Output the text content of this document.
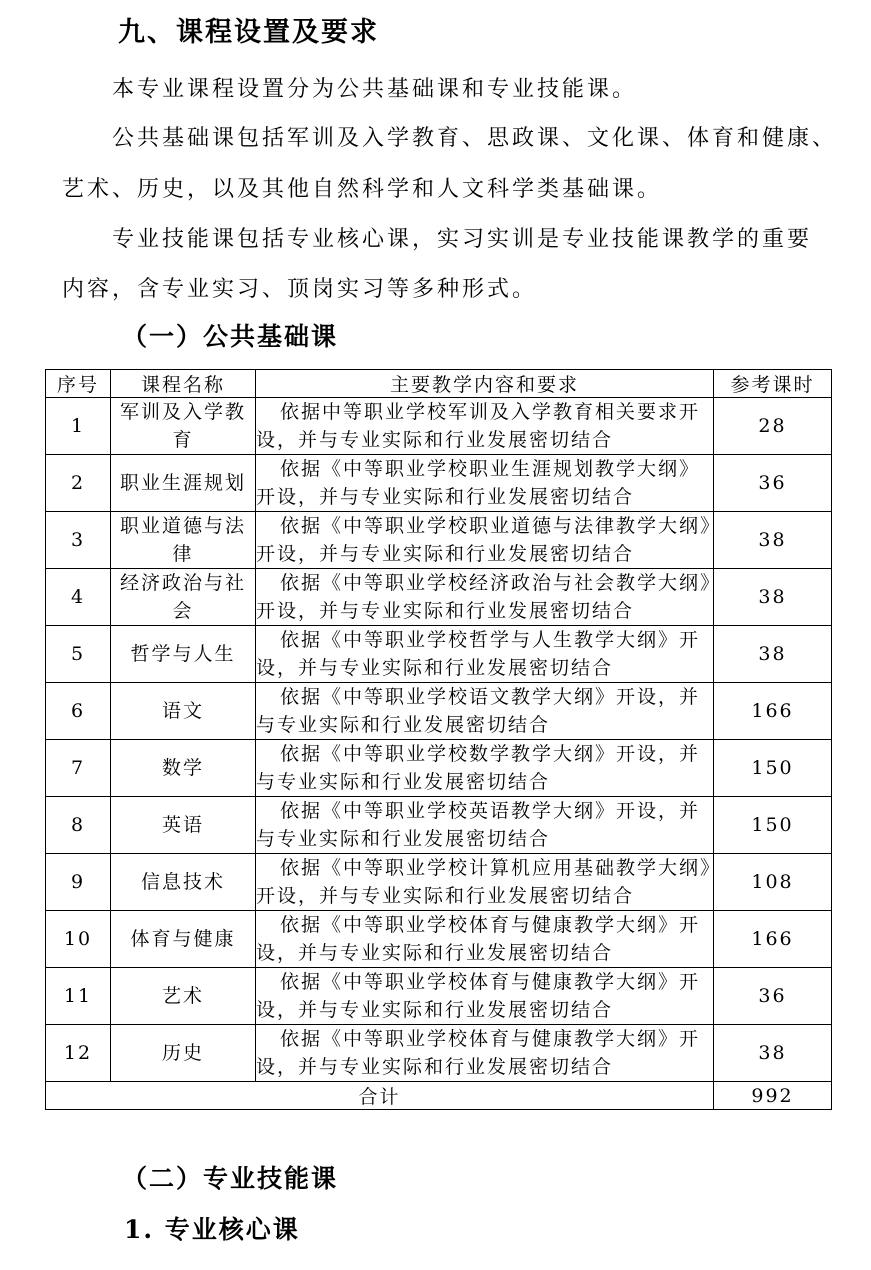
九、课程设置及要求
本专业课程设置分为公共基础课和专业技能课。
公共基础课包括军训及入学教育、思政课、文化课、体育和健康、
艺术、历史，以及其他自然科学和人文科学类基础课。
专业技能课包括专业核心课，实习实训是专业技能课教学的重要
内容，含专业实习、顶岗实习等多种形式。
（一）公共基础课
序号	课程名称	主要教学内容和要求	参考课时
1	军训及入学教育	依据中等职业学校军训及入学教育相关要求开设，并与专业实际和行业发展密切结合	28
2	职业生涯规划	依据《中等职业学校职业生涯规划教学大纲》开设，并与专业实际和行业发展密切结合	36
3	职业道德与法律	依据《中等职业学校职业道德与法律教学大纲》开设，并与专业实际和行业发展密切结合	38
4	经济政治与社会	依据《中等职业学校经济政治与社会教学大纲》开设，并与专业实际和行业发展密切结合	38
5	哲学与人生	依据《中等职业学校哲学与人生教学大纲》开设，并与专业实际和行业发展密切结合	38
6	语文	依据《中等职业学校语文教学大纲》开设，并与专业实际和行业发展密切结合	166
7	数学	依据《中等职业学校数学教学大纲》开设，并与专业实际和行业发展密切结合	150
8	英语	依据《中等职业学校英语教学大纲》开设，并与专业实际和行业发展密切结合	150
9	信息技术	依据《中等职业学校计算机应用基础教学大纲》开设，并与专业实际和行业发展密切结合	108
10	体育与健康	依据《中等职业学校体育与健康教学大纲》开设，并与专业实际和行业发展密切结合	166
11	艺术	依据《中等职业学校体育与健康教学大纲》开设，并与专业实际和行业发展密切结合	36
12	历史	依据《中等职业学校体育与健康教学大纲》开设，并与专业实际和行业发展密切结合	38
合计			992
（二）专业技能课
1. 专业核心课
